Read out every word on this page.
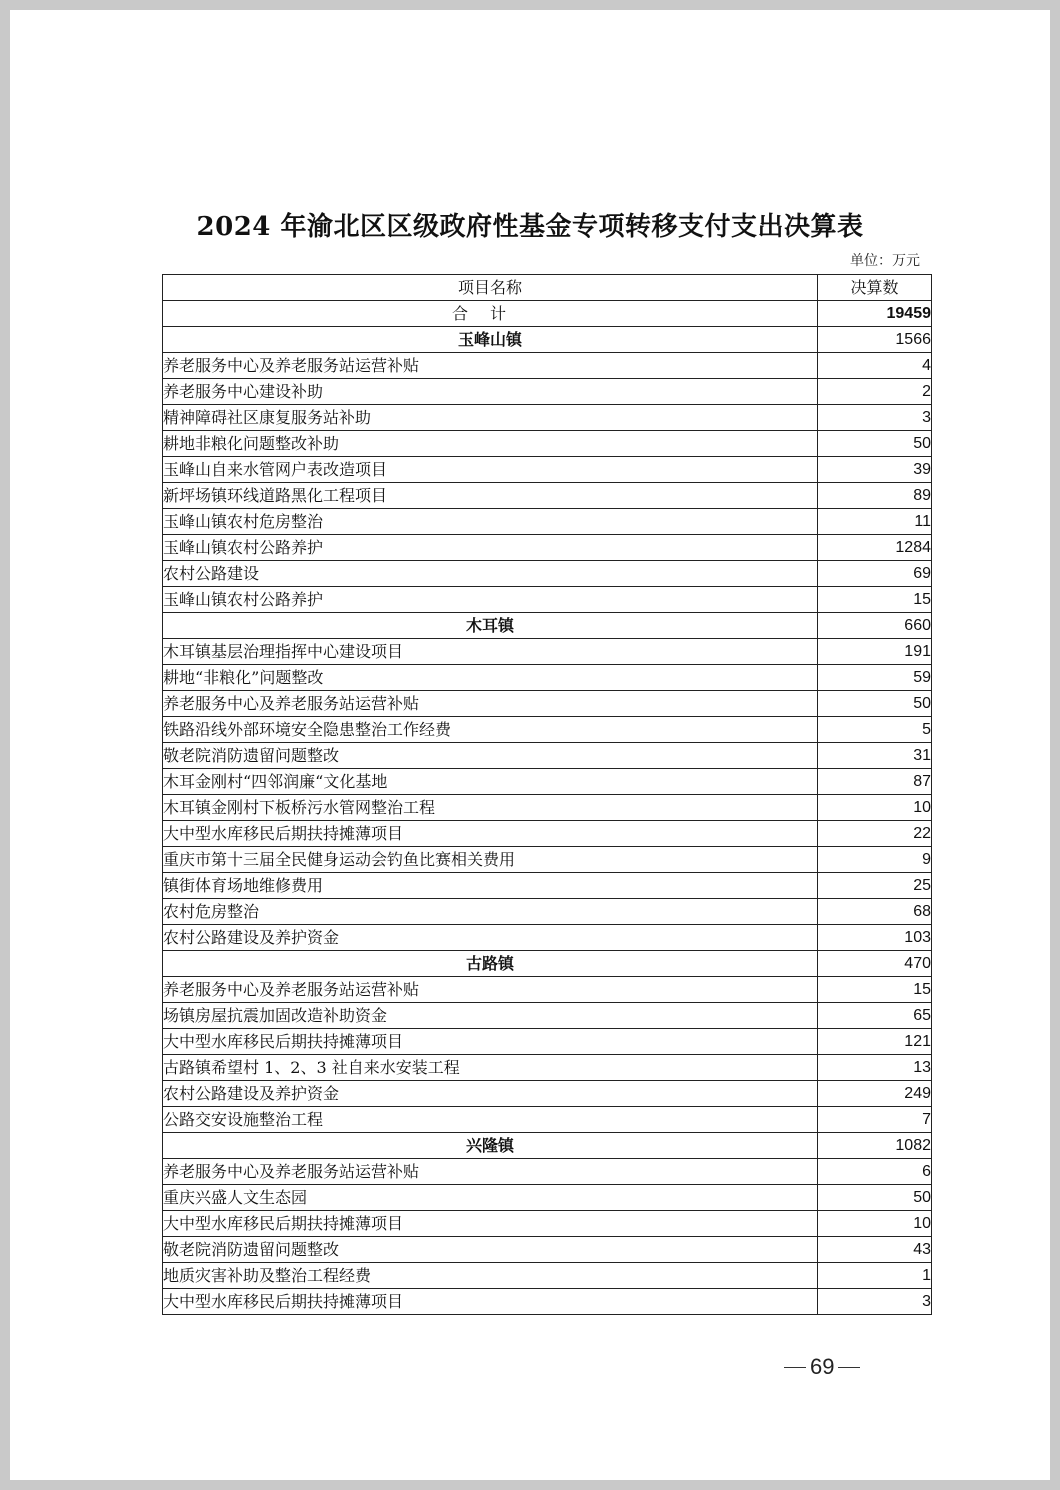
2024 年渝北区区级政府性基金专项转移支付支出决算表
单位：万元
项目名称	决算数
合计	19459
玉峰山镇	1566
养老服务中心及养老服务站运营补贴	4
养老服务中心建设补助	2
精神障碍社区康复服务站补助	3
耕地非粮化问题整改补助	50
玉峰山自来水管网户表改造项目	39
新坪场镇环线道路黑化工程项目	89
玉峰山镇农村危房整治	11
玉峰山镇农村公路养护	1284
农村公路建设	69
玉峰山镇农村公路养护	15
木耳镇	660
木耳镇基层治理指挥中心建设项目	191
耕地“非粮化”问题整改	59
养老服务中心及养老服务站运营补贴	50
铁路沿线外部环境安全隐患整治工作经费	5
敬老院消防遗留问题整改	31
木耳金刚村“四邻润廉“文化基地	87
木耳镇金刚村下板桥污水管网整治工程	10
大中型水库移民后期扶持摊薄项目	22
重庆市第十三届全民健身运动会钓鱼比赛相关费用	9
镇街体育场地维修费用	25
农村危房整治	68
农村公路建设及养护资金	103
古路镇	470
养老服务中心及养老服务站运营补贴	15
场镇房屋抗震加固改造补助资金	65
大中型水库移民后期扶持摊薄项目	121
古路镇希望村 1、2、3 社自来水安装工程	13
农村公路建设及养护资金	249
公路交安设施整治工程	7
兴隆镇	1082
养老服务中心及养老服务站运营补贴	6
重庆兴盛人文生态园	50
大中型水库移民后期扶持摊薄项目	10
敬老院消防遗留问题整改	43
地质灾害补助及整治工程经费	1
大中型水库移民后期扶持摊薄项目	3
69
